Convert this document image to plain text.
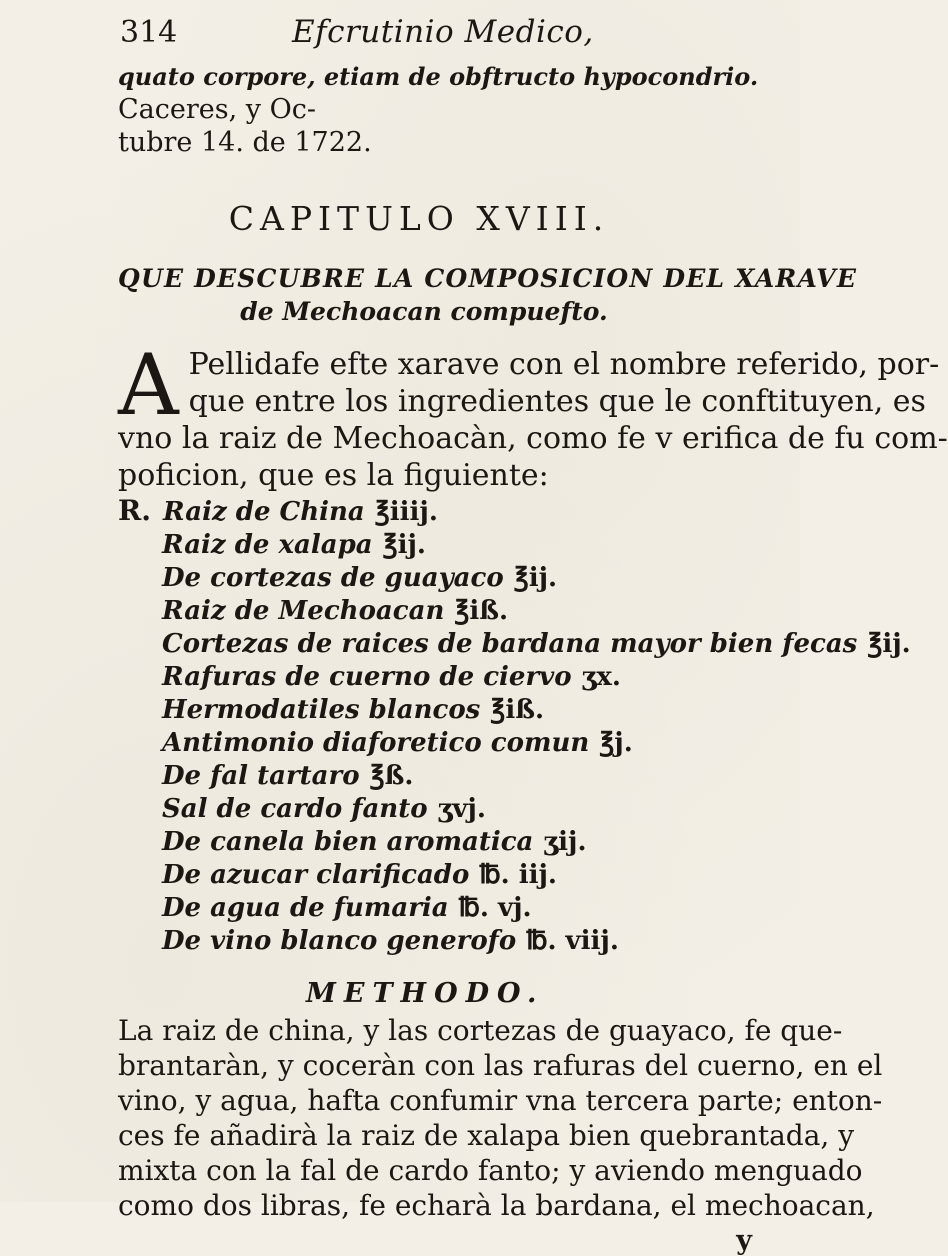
314	Efcrutinio Medico,
quato corpore, etiam de obftructo hypocondrio. Caceres, y Oc-
tubre 14. de 1722.
CAPITULO XVIII.
QUE DESCUBRE LA COMPOSICION DEL XARAVE
de Mechoacan compuefto.
A Pellidafe efte xarave con el nombre referido, por-

que entre los ingredientes que le conftituyen, es

vno la raiz de Mechoacàn, como fe v erifica de fu com-

poficion, que es la figuiente:

R. Raiz de China ℥iiij.
Raiz de xalapa ℥ij.
De cortezas de guayaco ℥ij.
Raiz de Mechoacan ℥iß.
Cortezas de raices de bardana mayor bien fecas ℥ij.
Rafuras de cuerno de ciervo ʒx.
Hermodatiles blancos ℥iß.
Antimonio diaforetico comun ℥j.
De fal tartaro ℥ß.
Sal de cardo fanto ʒvj.
De canela bien aromatica ʒij.
De azucar clarificado ℔. iij.
De agua de fumaria ℔. vj.
De vino blanco generofo ℔. viij.
METHODO.

La raiz de china, y las cortezas de guayaco, fe que-

brantaràn, y coceràn con las rafuras del cuerno, en el

vino, y agua, hafta confumir vna tercera parte; enton-

ces fe añadirà la raiz de xalapa bien quebrantada, y

mixta con la fal de cardo fanto; y aviendo menguado

como dos libras, fe echarà la bardana, el mechoacan,

y
